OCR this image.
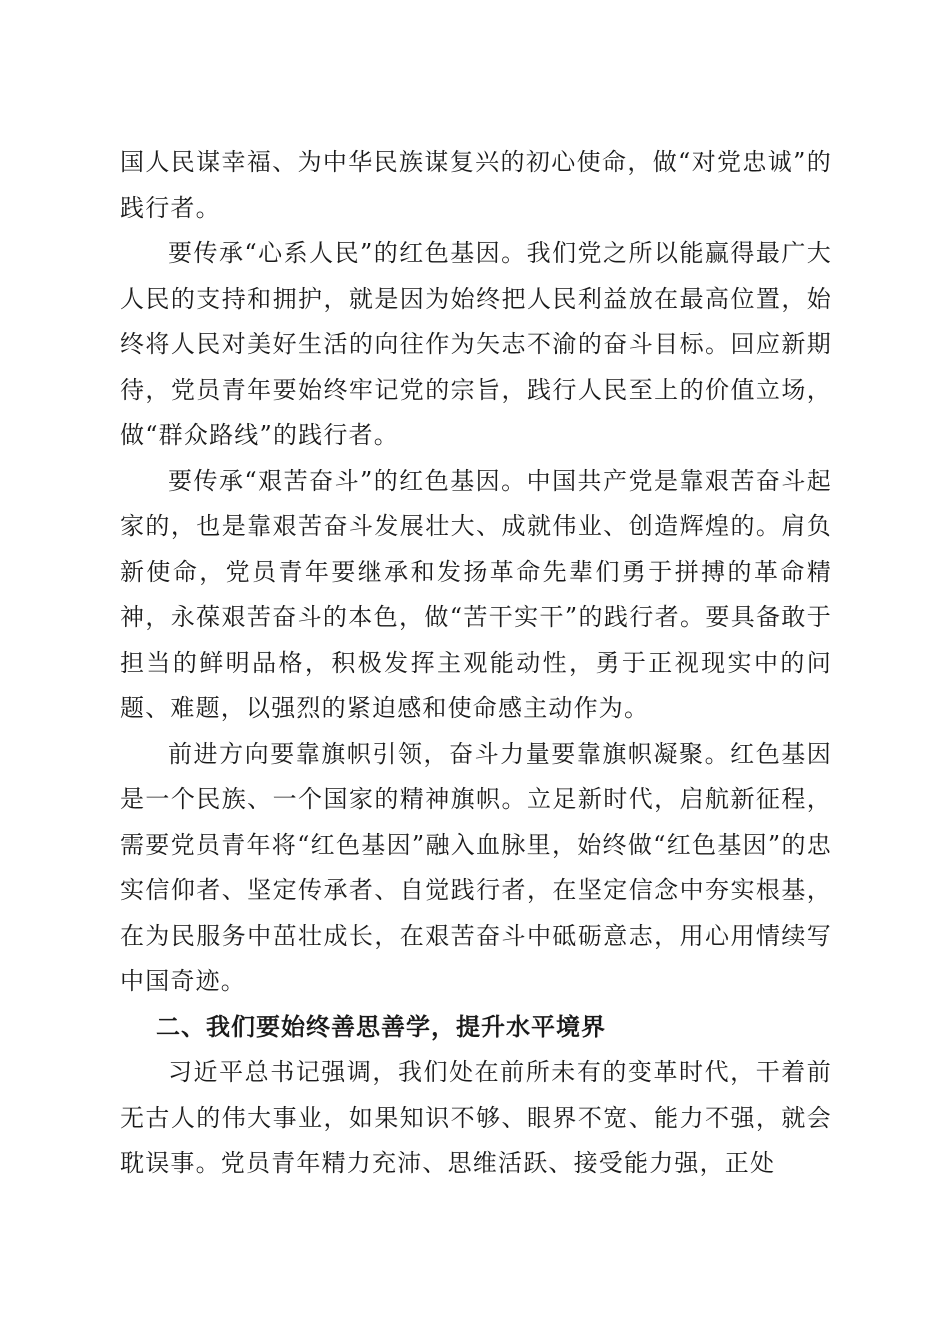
国人民谋幸福、为中华民族谋复兴的初心使命，做“对党忠诚”的践行者。

要传承“心系人民”的红色基因。我们党之所以能赢得最广大人民的支持和拥护，就是因为始终把人民利益放在最高位置，始终将人民对美好生活的向往作为矢志不渝的奋斗目标。回应新期待，党员青年要始终牢记党的宗旨，践行人民至上的价值立场，做“群众路线”的践行者。

要传承“艰苦奋斗”的红色基因。中国共产党是靠艰苦奋斗起家的，也是靠艰苦奋斗发展壮大、成就伟业、创造辉煌的。肩负新使命，党员青年要继承和发扬革命先辈们勇于拼搏的革命精神，永葆艰苦奋斗的本色，做“苦干实干”的践行者。要具备敢于担当的鲜明品格，积极发挥主观能动性，勇于正视现实中的问题、难题，以强烈的紧迫感和使命感主动作为。

前进方向要靠旗帜引领，奋斗力量要靠旗帜凝聚。红色基因是一个民族、一个国家的精神旗帜。立足新时代，启航新征程，需要党员青年将“红色基因”融入血脉里，始终做“红色基因”的忠实信仰者、坚定传承者、自觉践行者，在坚定信念中夯实根基，在为民服务中茁壮成长，在艰苦奋斗中砥砺意志，用心用情续写中国奇迹。

二、我们要始终善思善学，提升水平境界

习近平总书记强调，我们处在前所未有的变革时代，干着前无古人的伟大事业，如果知识不够、眼界不宽、能力不强，就会耽误事。党员青年精力充沛、思维活跃、接受能力强，正处
